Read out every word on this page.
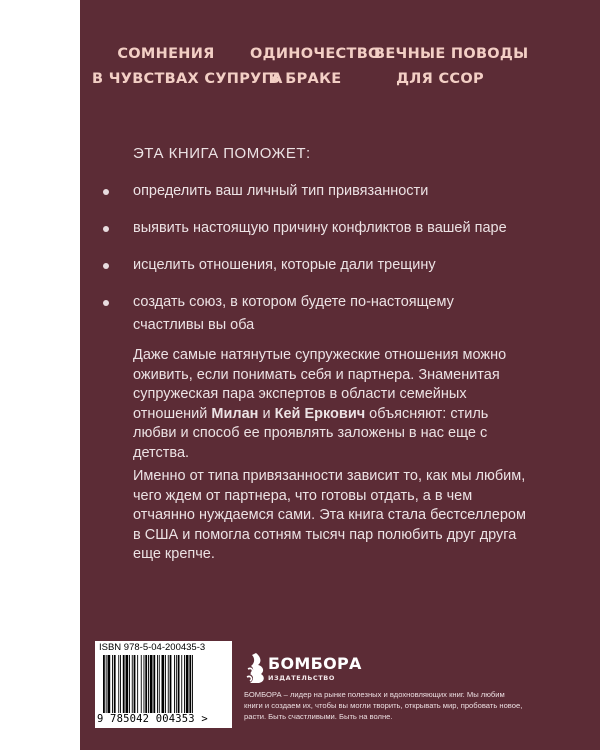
СОМНЕНИЯ
В ЧУВСТВАХ СУПРУГА
ОДИНОЧЕСТВО
В БРАКЕ
ВЕЧНЫЕ ПОВОДЫ
ДЛЯ ССОР
ЭТА КНИГА ПОМОЖЕТ:
определить ваш личный тип привязанности
выявить настоящую причину конфликтов в вашей паре
исцелить отношения, которые дали трещину
создать союз, в котором будете по-настоящему счастливы вы оба

Даже самые натянутые супружеские отношения можно оживить, если понимать себя и партнера. Знаменитая супружеская пара экспертов в области семейных отношений Милан и Кей Еркович объясняют: стиль любви и способ ее проявлять заложены в нас еще с детства.

Именно от типа привязанности зависит то, как мы любим, чего ждем от партнера, что готовы отдать, а в чем отчаянно нуждаемся сами. Эта книга стала бестселлером в США и помогла сотням тысяч пар полюбить друг друга еще крепче.

ISBN 978-5-04-200435-3
9 785042 004353 >
БОМБОРА
ИЗДАТЕЛЬСТВО

БОМБОРА – лидер на рынке полезных и вдохновляющих книг. Мы любим книги и создаем их, чтобы вы могли творить, открывать мир, пробовать новое, расти. Быть счастливыми. Быть на волне.
